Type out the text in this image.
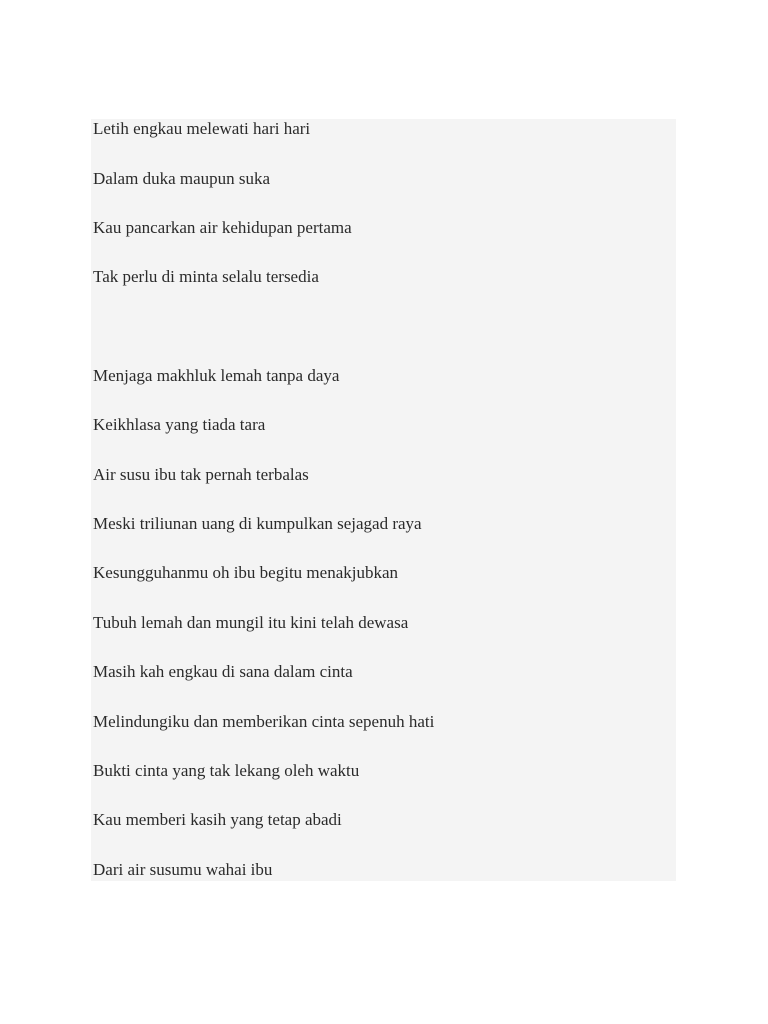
Letih engkau melewati hari hari

Dalam duka maupun suka

Kau pancarkan air kehidupan pertama

Tak perlu di minta selalu tersedia

Menjaga makhluk lemah tanpa daya

Keikhlasa yang tiada tara

Air susu ibu tak pernah terbalas

Meski triliunan uang di kumpulkan sejagad raya

Kesungguhanmu oh ibu begitu menakjubkan

Tubuh lemah dan mungil itu kini telah dewasa

Masih kah engkau di sana dalam cinta

Melindungiku dan memberikan cinta sepenuh hati

Bukti cinta yang tak lekang oleh waktu

Kau memberi kasih yang tetap abadi

Dari air susumu wahai ibu
